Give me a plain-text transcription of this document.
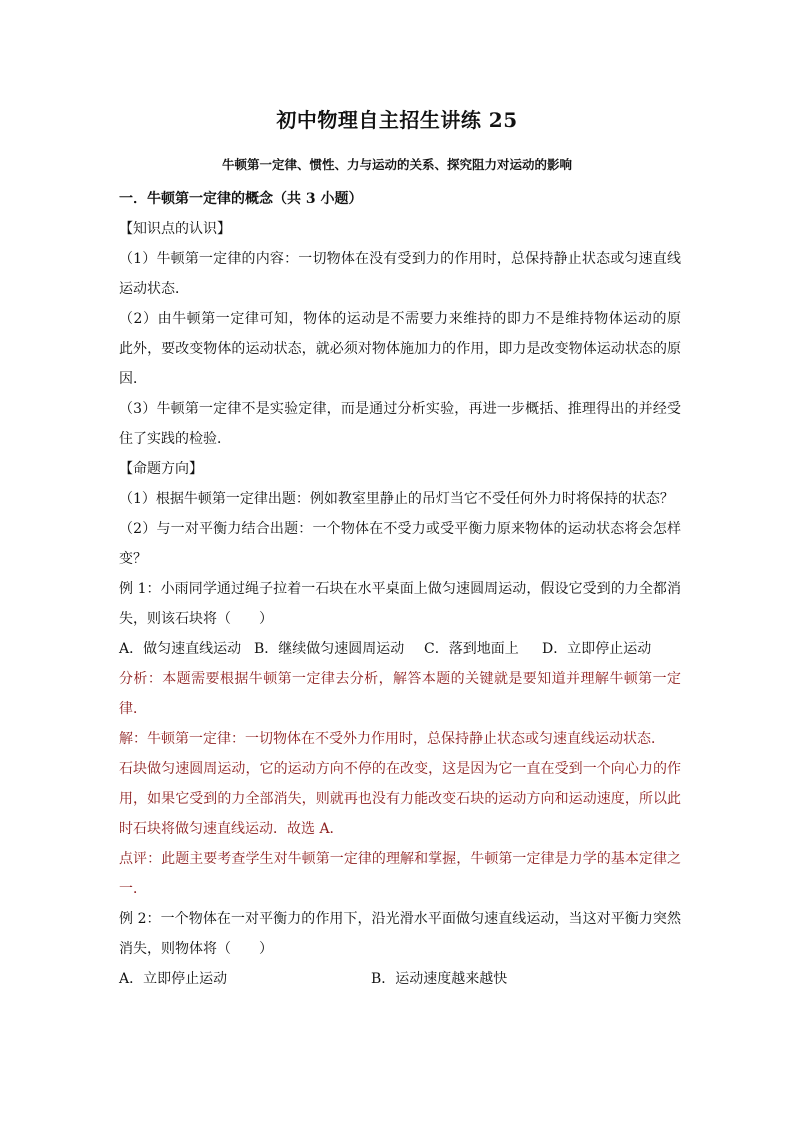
初中物理自主招生讲练 25
牛顿第一定律、惯性、力与运动的关系、探究阻力对运动的影响
一．牛顿第一定律的概念（共 3 小题）
【知识点的认识】
（1）牛顿第一定律的内容：一切物体在没有受到力的作用时，总保持静止状态或匀速直线
运动状态．
（2）由牛顿第一定律可知，物体的运动是不需要力来维持的即力不是维持物体运动的原
此外，要改变物体的运动状态，就必须对物体施加力的作用，即力是改变物体运动状态的原
因．
（3）牛顿第一定律不是实验定律，而是通过分析实验，再进一步概括、推理得出的并经受
住了实践的检验．
【命题方向】
（1）根据牛顿第一定律出题：例如教室里静止的吊灯当它不受任何外力时将保持的状态？
（2）与一对平衡力结合出题：一个物体在不受力或受平衡力原来物体的运动状态将会怎样
变？
例 1：小雨同学通过绳子拉着一石块在水平桌面上做匀速圆周运动，假设它受到的力全都消
失，则该石块将（　　）
A．做匀速直线运动 B．继续做匀速圆周运动	C．落到地面上	D．立即停止运动
分析：本题需要根据牛顿第一定律去分析，解答本题的关键就是要知道并理解牛顿第一定
律．
解：牛顿第一定律：一切物体在不受外力作用时，总保持静止状态或匀速直线运动状态．
石块做匀速圆周运动，它的运动方向不停的在改变，这是因为它一直在受到一个向心力的作
用，如果它受到的力全部消失，则就再也没有力能改变石块的运动方向和运动速度，所以此
时石块将做匀速直线运动．故选 A．
点评：此题主要考查学生对牛顿第一定律的理解和掌握，牛顿第一定律是力学的基本定律之
一．
例 2：一个物体在一对平衡力的作用下，沿光滑水平面做匀速直线运动，当这对平衡力突然
消失，则物体将（　　）
A．立即停止运动	B．运动速度越来越快
